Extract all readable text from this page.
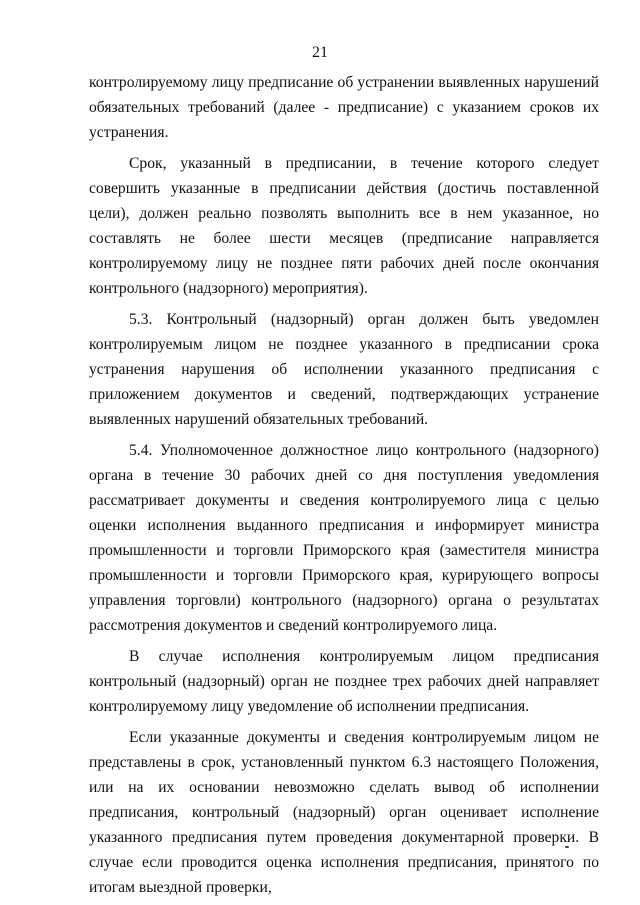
21

контролируемому лицу предписание об устранении выявленных нарушений обязательных требований (далее - предписание) с указанием сроков их устранения.

Срок, указанный в предписании, в течение которого следует совершить указанные в предписании действия (достичь поставленной цели), должен реально позволять выполнить все в нем указанное, но составлять не более шести месяцев (предписание направляется контролируемому лицу не позднее пяти рабочих дней после окончания контрольного (надзорного) мероприятия).

5.3. Контрольный (надзорный) орган должен быть уведомлен контролируемым лицом не позднее указанного в предписании срока устранения нарушения об исполнении указанного предписания с приложением документов и сведений, подтверждающих устранение выявленных нарушений обязательных требований.

5.4. Уполномоченное должностное лицо контрольного (надзорного) органа в течение 30 рабочих дней со дня поступления уведомления рассматривает документы и сведения контролируемого лица с целью оценки исполнения выданного предписания и информирует министра промышленности и торговли Приморского края (заместителя министра промышленности и торговли Приморского края, курирующего вопросы управления торговли) контрольного (надзорного) органа о результатах рассмотрения документов и сведений контролируемого лица.

В случае исполнения контролируемым лицом предписания контрольный (надзорный) орган не позднее трех рабочих дней направляет контролируемому лицу уведомление об исполнении предписания.

Если указанные документы и сведения контролируемым лицом не представлены в срок, установленный пунктом 6.3 настоящего Положения, или на их основании невозможно сделать вывод об исполнении предписания, контрольный (надзорный) орган оценивает исполнение указанного предписания путем проведения документарной проверки. В случае если проводится оценка исполнения предписания, принятого по итогам выездной проверки,
